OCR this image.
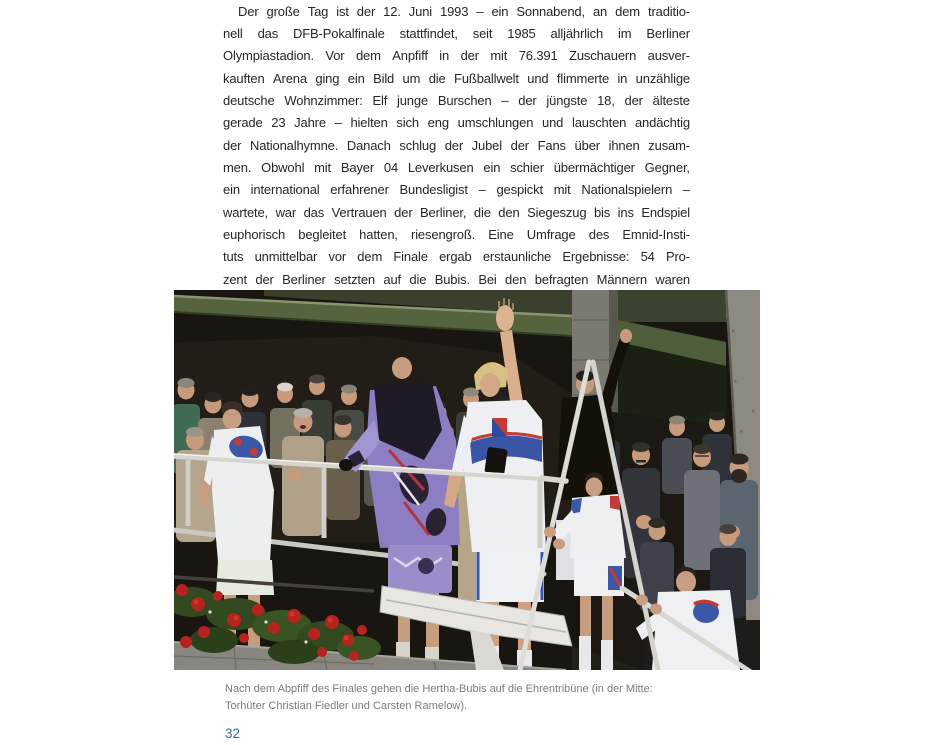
Der große Tag ist der 12. Juni 1993 – ein Sonnabend, an dem traditio-
nell das DFB-Pokalfinale stattfindet, seit 1985 alljährlich im Berliner
Olympiastadion. Vor dem Anpfiff in der mit 76.391 Zuschauern ausver-
kauften Arena ging ein Bild um die Fußballwelt und flimmerte in unzählige
deutsche Wohnzimmer: Elf junge Burschen – der jüngste 18, der älteste
gerade 23 Jahre – hielten sich eng umschlungen und lauschten andächtig
der Nationalhymne. Danach schlug der Jubel der Fans über ihnen zusam-
men. Obwohl mit Bayer 04 Leverkusen ein schier übermächtiger Gegner,
ein international erfahrener Bundesligist – gespickt mit Nationalspielern –
wartete, war das Vertrauen der Berliner, die den Siegeszug bis ins Endspiel
euphorisch begleitet hatten, riesengroß. Eine Umfrage des Emnid-Insti-
tuts unmittelbar vor dem Finale ergab erstaunliche Ergebnisse: 54 Pro-
zent der Berliner setzten auf die Bubis. Bei den befragten Männern waren
Nach dem Abpfiff des Finales gehen die Hertha-Bubis auf die Ehrentribüne (in der Mitte:
Torhüter Christian Fiedler und Carsten Ramelow).
32
